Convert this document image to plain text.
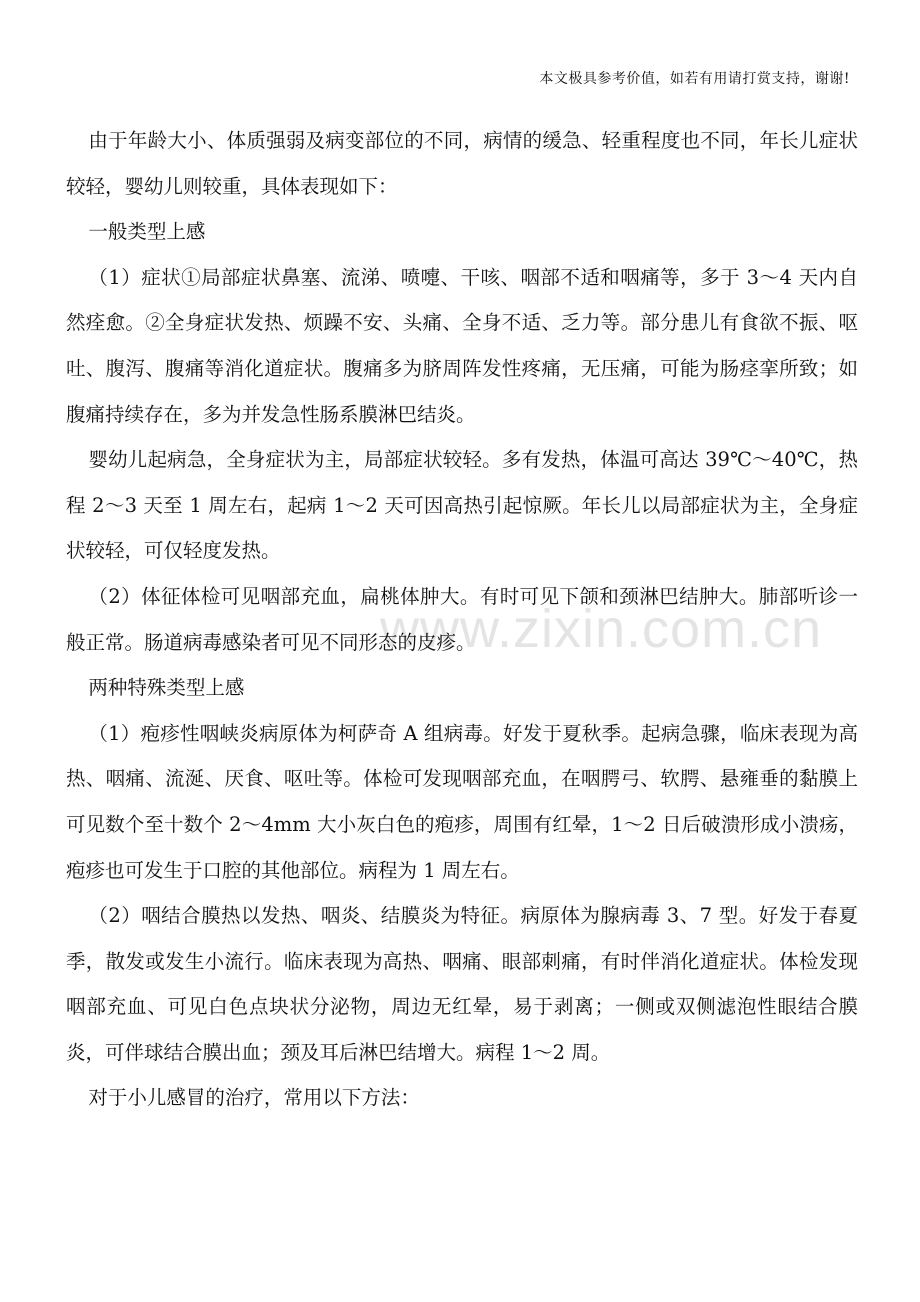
本文极具参考价值，如若有用请打赏支持，谢谢!
www.zixin.com.cn

由于年龄大小、体质强弱及病变部位的不同，病情的缓急、轻重程度也不同，年长儿症状较轻，婴幼儿则较重，具体表现如下：

一般类型上感

（1）症状①局部症状鼻塞、流涕、喷嚏、干咳、咽部不适和咽痛等，多于 3～4 天内自然痊愈。②全身症状发热、烦躁不安、头痛、全身不适、乏力等。部分患儿有食欲不振、呕吐、腹泻、腹痛等消化道症状。腹痛多为脐周阵发性疼痛，无压痛，可能为肠痉挛所致；如腹痛持续存在，多为并发急性肠系膜淋巴结炎。

婴幼儿起病急，全身症状为主，局部症状较轻。多有发热，体温可高达 39℃～40℃，热程 2～3 天至 1 周左右，起病 1～2 天可因高热引起惊厥。年长儿以局部症状为主，全身症状较轻，可仅轻度发热。

（2）体征体检可见咽部充血，扁桃体肿大。有时可见下颌和颈淋巴结肿大。肺部听诊一般正常。肠道病毒感染者可见不同形态的皮疹。

两种特殊类型上感

（1）疱疹性咽峡炎病原体为柯萨奇 A 组病毒。好发于夏秋季。起病急骤，临床表现为高热、咽痛、流涎、厌食、呕吐等。体检可发现咽部充血，在咽腭弓、软腭、悬雍垂的黏膜上可见数个至十数个 2～4mm 大小灰白色的疱疹，周围有红晕，1～2 日后破溃形成小溃疡，疱疹也可发生于口腔的其他部位。病程为 1 周左右。

（2）咽结合膜热以发热、咽炎、结膜炎为特征。病原体为腺病毒 3、7 型。好发于春夏季，散发或发生小流行。临床表现为高热、咽痛、眼部刺痛，有时伴消化道症状。体检发现咽部充血、可见白色点块状分泌物，周边无红晕，易于剥离；一侧或双侧滤泡性眼结合膜炎，可伴球结合膜出血；颈及耳后淋巴结增大。病程 1～2 周。

对于小儿感冒的治疗，常用以下方法：
